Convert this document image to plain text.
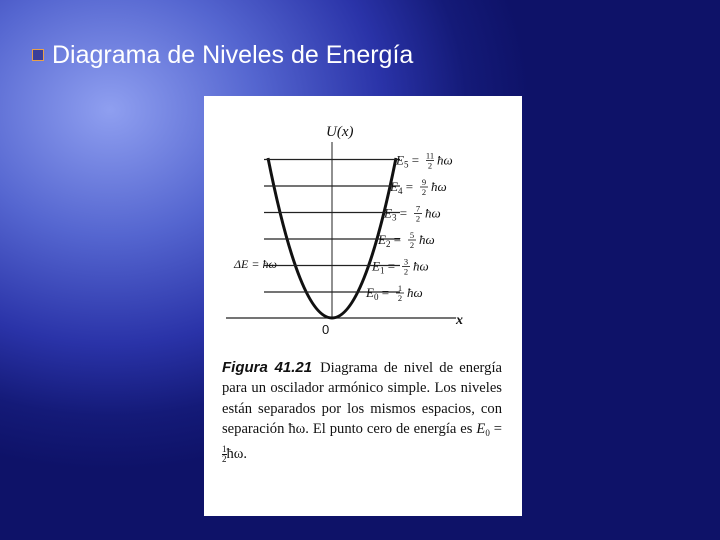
Diagrama de Niveles de Energía
$E_0 = 1$
2 ħω
$E_1 = 3$
2 ħω
$E_2 = 5$
2 ħω
$E_3 = 7$
2 ħω
$E_4 = 9$
2 ħω
$E_5 = 11$
2 ħω
U(x)
x
0
ΔE = ħω
Figura 41.21 Diagrama de nivel de energía para un oscilador armónico simple. Los niveles están separados por los mismos espacios, con separación ħω. El punto cero de energía es $E_0$ =
$\frac{1}{2}$ ħω.
